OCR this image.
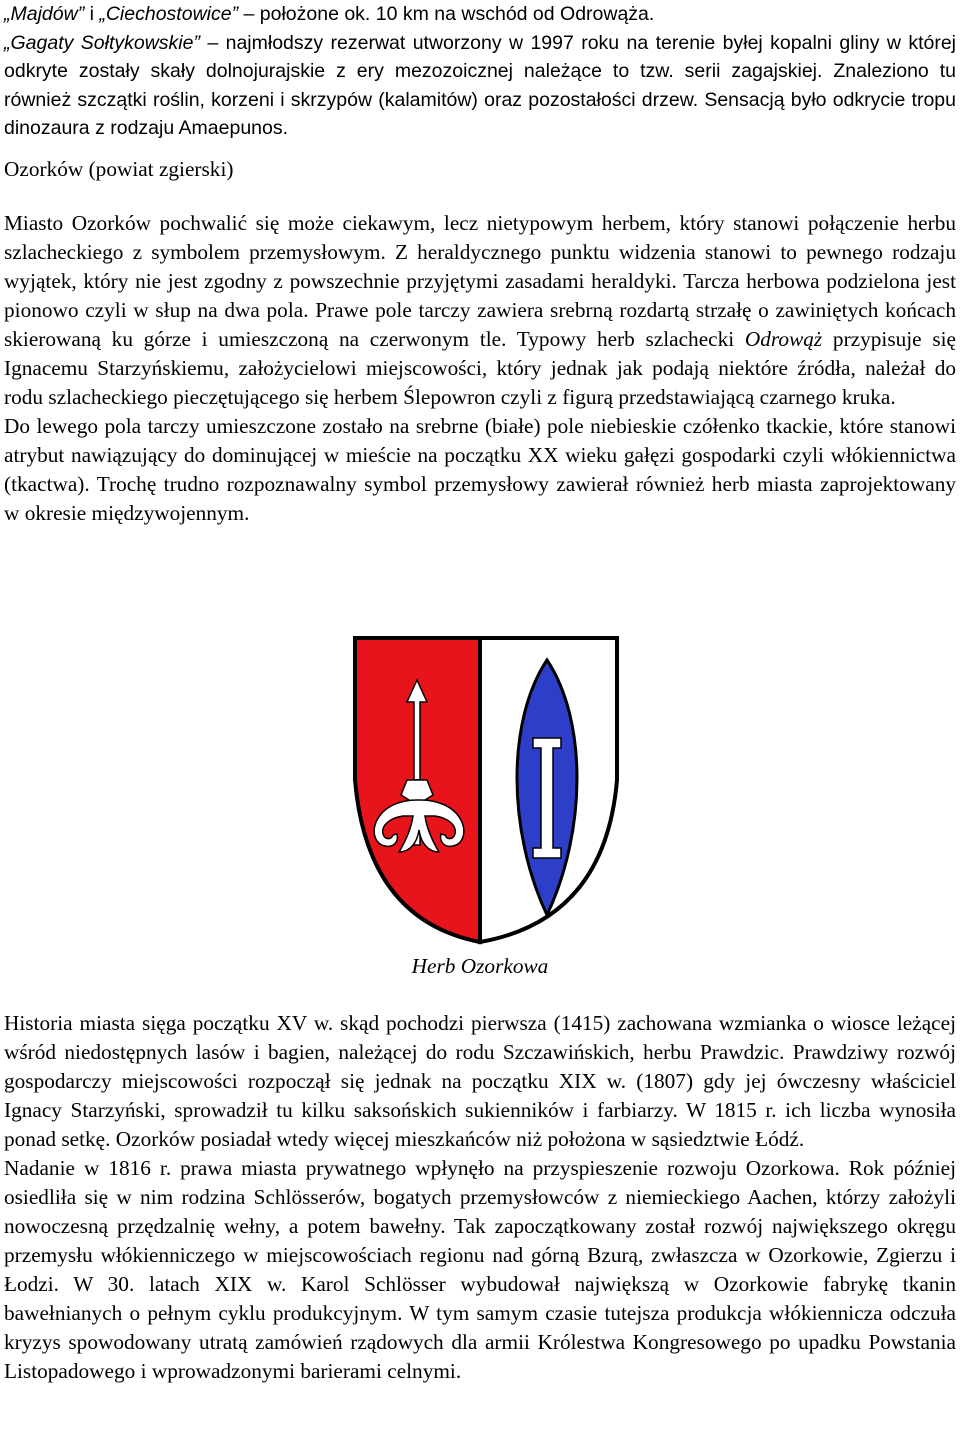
„Majdów” i „Ciechostowice” – położone ok. 10 km na wschód od Odrowąża.

„Gagaty Sołtykowskie” – najmłodszy rezerwat utworzony w 1997 roku na terenie byłej kopalni gliny w której odkryte zostały skały dolnojurajskie z ery mezozoicznej należące to tzw. serii zagajskiej. Znaleziono tu również szczątki roślin, korzeni i skrzypów (kalamitów) oraz pozostałości drzew. Sensacją było odkrycie tropu dinozaura z rodzaju Amaepunos.

Ozorków (powiat zgierski)

Miasto Ozorków pochwalić się może ciekawym, lecz nietypowym herbem, który stanowi połączenie herbu szlacheckiego z symbolem przemysłowym. Z heraldycznego punktu widzenia stanowi to pewnego rodzaju wyjątek, który nie jest zgodny z powszechnie przyjętymi zasadami heraldyki. Tarcza herbowa podzielona jest pionowo czyli w słup na dwa pola. Prawe pole tarczy zawiera srebrną rozdartą strzałę o zawiniętych końcach skierowaną ku górze i umieszczoną na czerwonym tle. Typowy herb szlachecki Odrowąż przypisuje się Ignacemu Starzyńskiemu, założycielowi miejscowości, który jednak jak podają niektóre źródła, należał do rodu szlacheckiego pieczętującego się herbem Ślepowron czyli z figurą przedstawiającą czarnego kruka.

Do lewego pola tarczy umieszczone zostało na srebrne (białe) pole niebieskie czółenko tkackie, które stanowi atrybut nawiązujący do dominującej w mieście na początku XX wieku gałęzi gospodarki czyli włókiennictwa (tkactwa). Trochę trudno rozpoznawalny symbol przemysłowy zawierał również herb miasta zaprojektowany w okresie międzywojennym.

Herb Ozorkowa

Historia miasta sięga początku XV w. skąd pochodzi pierwsza (1415) zachowana wzmianka o wiosce leżącej wśród niedostępnych lasów i bagien, należącej do rodu Szczawińskich, herbu Prawdzic. Prawdziwy rozwój gospodarczy miejscowości rozpoczął się jednak na początku XIX w. (1807) gdy jej ówczesny właściciel Ignacy Starzyński, sprowadził tu kilku saksońskich sukienników i farbiarzy. W 1815 r. ich liczba wynosiła ponad setkę. Ozorków posiadał wtedy więcej mieszkańców niż położona w sąsiedztwie Łódź.

Nadanie w 1816 r. prawa miasta prywatnego wpłynęło na przyspieszenie rozwoju Ozorkowa. Rok później osiedliła się w nim rodzina Schlösserów, bogatych przemysłowców z niemieckiego Aachen, którzy założyli nowoczesną przędzalnię wełny, a potem bawełny. Tak zapoczątkowany został rozwój największego okręgu przemysłu włókienniczego w miejscowościach regionu nad górną Bzurą, zwłaszcza w Ozorkowie, Zgierzu i Łodzi. W 30. latach XIX w. Karol Schlösser wybudował największą w Ozorkowie fabrykę tkanin bawełnianych o pełnym cyklu produkcyjnym. W tym samym czasie tutejsza produkcja włókiennicza odczuła kryzys spowodowany utratą zamówień rządowych dla armii Królestwa Kongresowego po upadku Powstania Listopadowego i wprowadzonymi barierami celnymi.
